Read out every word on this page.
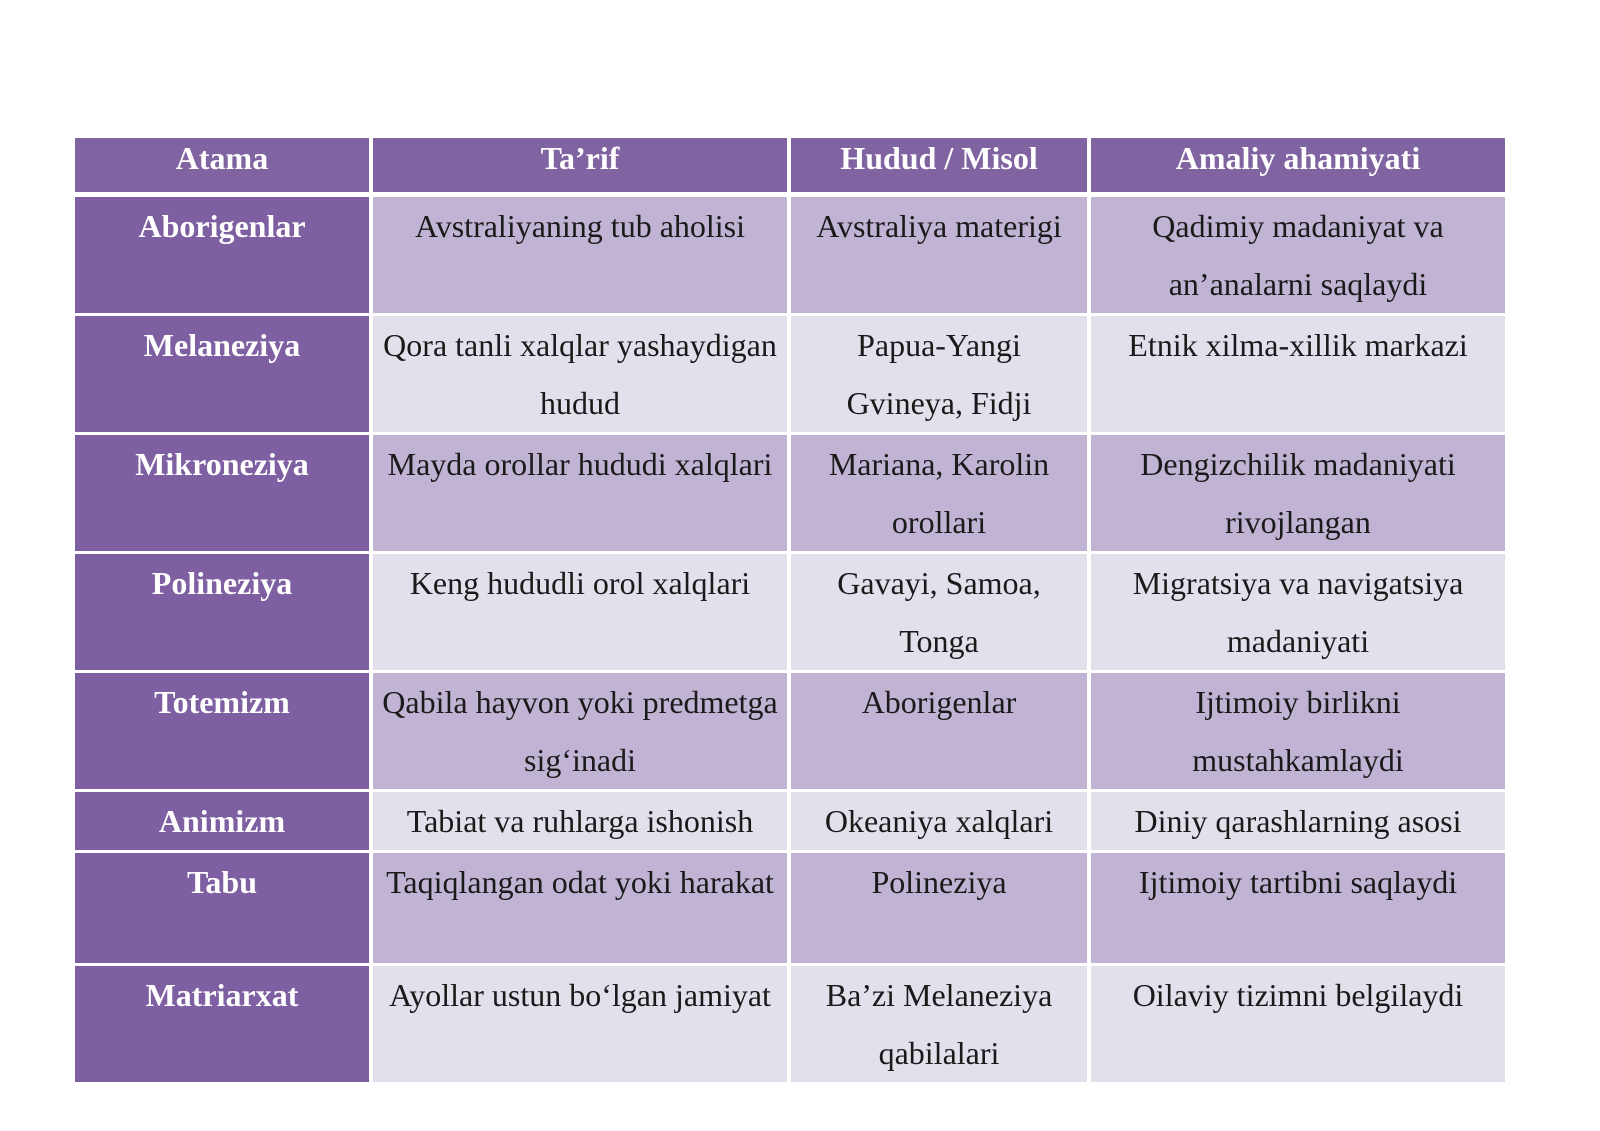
Atama	Ta’rif	Hudud / Misol	Amaliy ahamiyati
Aborigenlar	Avstraliyaning tub aholisi	Avstraliya materigi	Qadimiy madaniyat va an’analarni saqlaydi
Melaneziya	Qora tanli xalqlar yashaydigan hudud	Papua-Yangi Gvineya, Fidji	Etnik xilma-xillik markazi
Mikroneziya	Mayda orollar hududi xalqlari	Mariana, Karolin orollari	Dengizchilik madaniyati rivojlangan
Polineziya	Keng hududli orol xalqlari	Gavayi, Samoa, Tonga	Migratsiya va navigatsiya madaniyati
Totemizm	Qabila hayvon yoki predmetga sig‘inadi	Aborigenlar	Ijtimoiy birlikni mustahkamlaydi
Animizm	Tabiat va ruhlarga ishonish	Okeaniya xalqlari	Diniy qarashlarning asosi
Tabu	Taqiqlangan odat yoki harakat	Polineziya	Ijtimoiy tartibni saqlaydi
Matriarxat	Ayollar ustun bo‘lgan jamiyat	Ba’zi Melaneziya qabilalari	Oilaviy tizimni belgilaydi
